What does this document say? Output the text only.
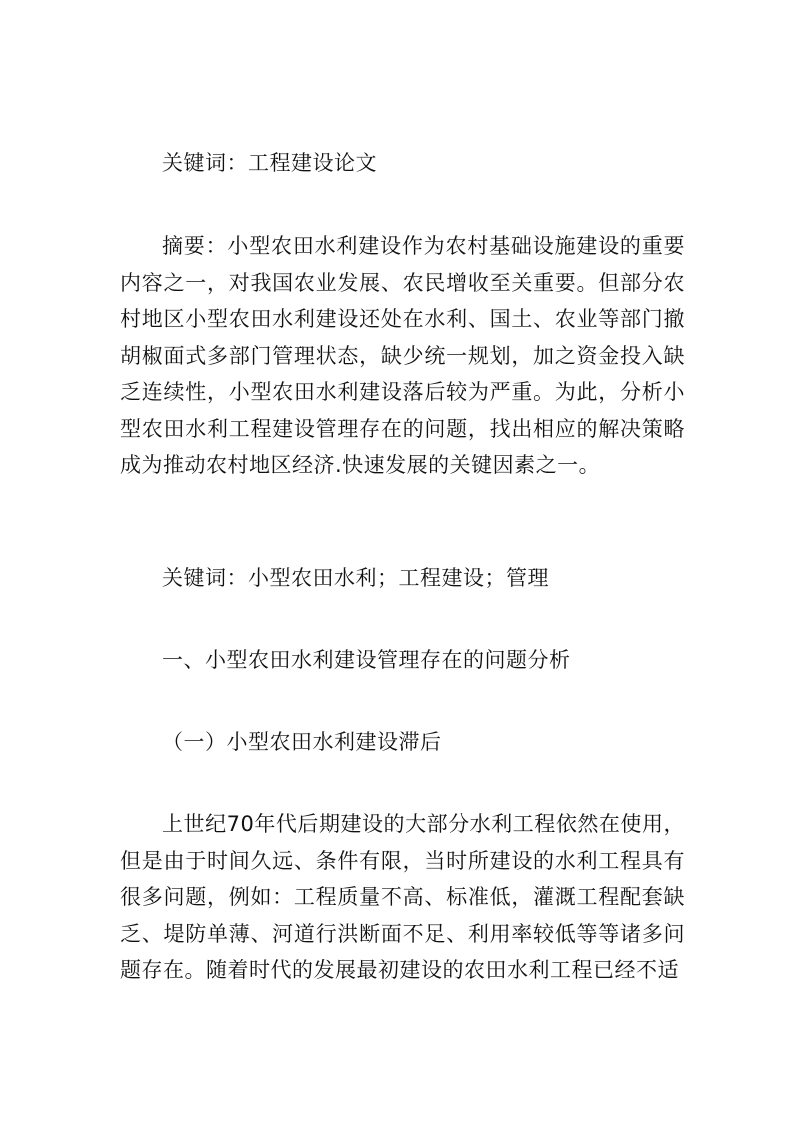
关键词：工程建设论文

摘要：小型农田水利建设作为农村基础设施建设的重要内容之一，对我国农业发展、农民增收至关重要。但部分农村地区小型农田水利建设还处在水利、国土、农业等部门撤胡椒面式多部门管理状态，缺少统一规划，加之资金投入缺乏连续性，小型农田水利建设落后较为严重。为此，分析小型农田水利工程建设管理存在的问题，找出相应的解决策略成为推动农村地区经济.快速发展的关键因素之一。

关键词：小型农田水利；工程建设；管理

一、小型农田水利建设管理存在的问题分析

（一）小型农田水利建设滞后

上世纪70年代后期建设的大部分水利工程依然在使用，但是由于时间久远、条件有限，当时所建设的水利工程具有很多问题，例如：工程质量不高、标准低，灌溉工程配套缺乏、堤防单薄、河道行洪断面不足、利用率较低等等诸多问题存在。随着时代的发展最初建设的农田水利工程已经不适
